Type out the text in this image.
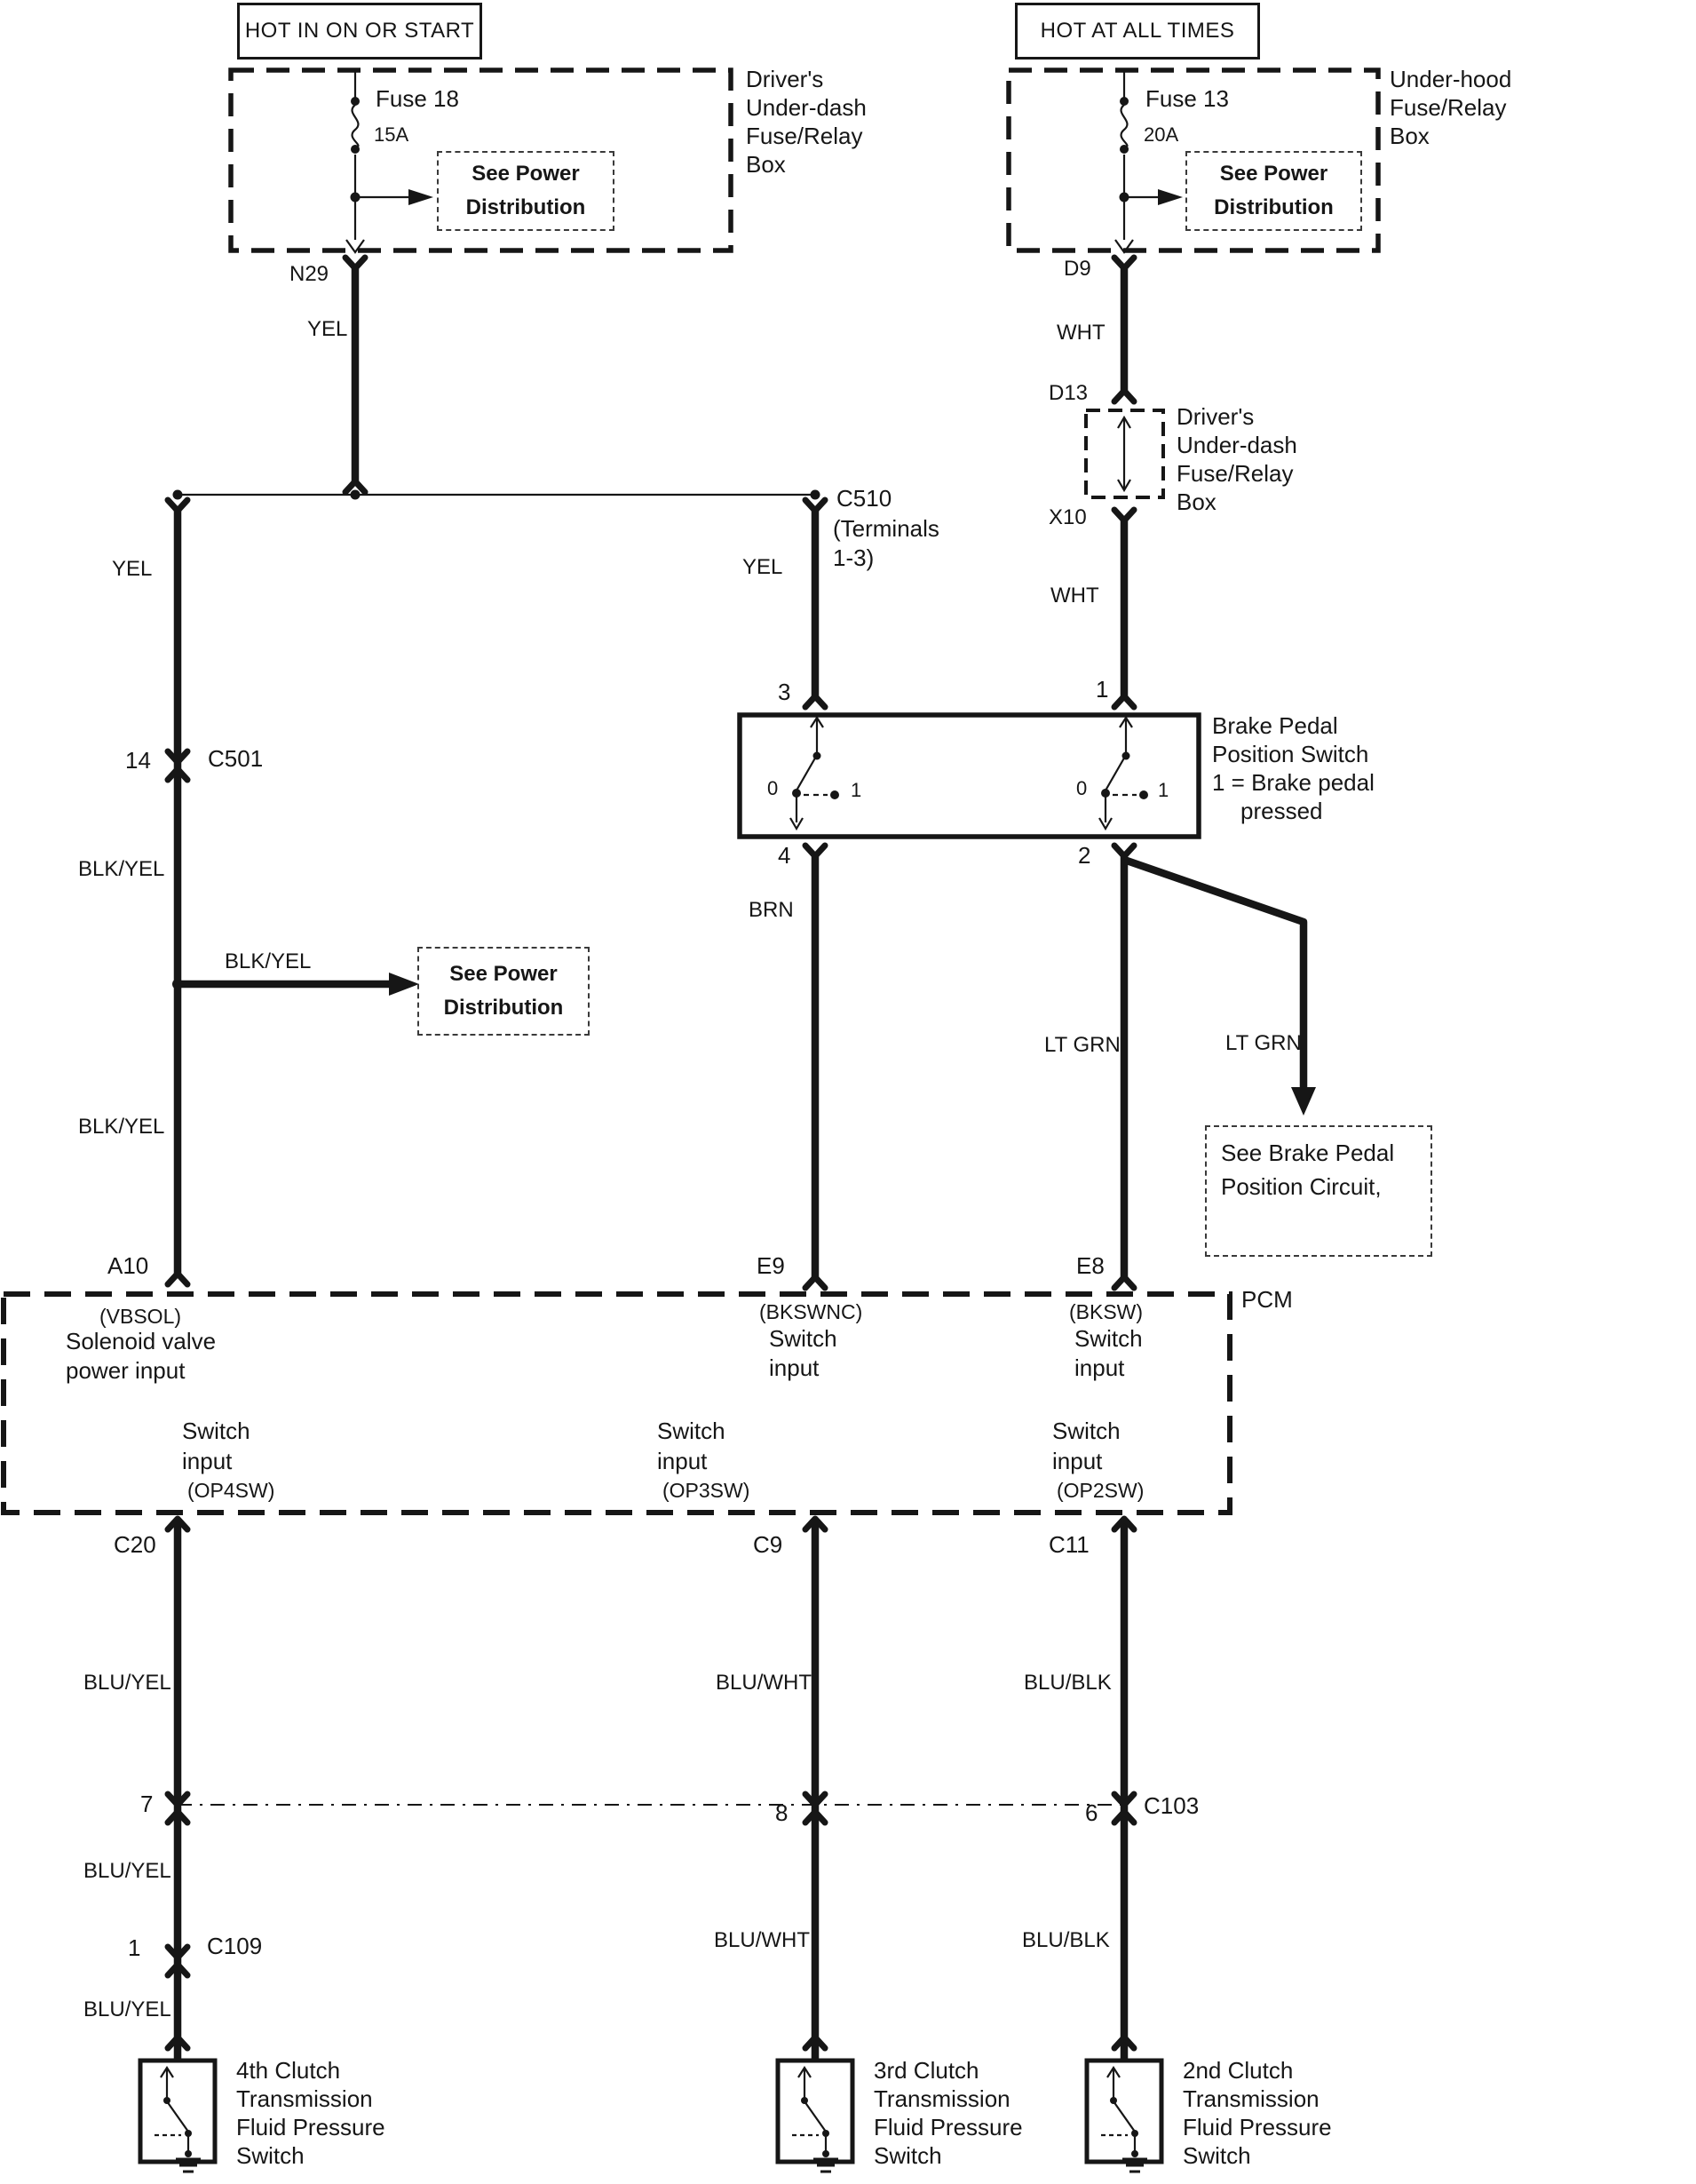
HOT IN ON OR START	HOT AT ALL TIMES
Fuse 18
15A
See Power
Distribution
Driver's
Under-dash
Fuse/Relay
Box
Fuse 13
20A
See Power
Distribution
Under-hood
Fuse/Relay
Box
N29
YEL
D9
WHT
D13
Driver's
Under-dash
Fuse/Relay
Box
X10
WHT
C510
(Terminals
1-3)
YEL
YEL
14 C501
BLK/YEL
BLK/YEL
See Power
Distribution
BLK/YEL
A10
3	1
4	2
0	1	0	1
Brake Pedal
Position Switch
1 = Brake pedal
pressed
BRN
LT GRN	LT GRN
See Brake Pedal
Position Circuit,
E9	E8
PCM
(VBSOL)
Solenoid valve
power input
(BKSWNC)
Switch
input
(BKSW)
Switch
input
Switch
input
(OP4SW)
Switch
input
(OP3SW)
Switch
input
(OP2SW)
C20	C9	C11
BLU/YEL	BLU/WHT	BLU/BLK
7	8	6 C103
BLU/YEL
1	C109
BLU/YEL
BLU/WHT	BLU/BLK
4th Clutch
Transmission
Fluid Pressure
Switch
3rd Clutch
Transmission
Fluid Pressure
Switch
2nd Clutch
Transmission
Fluid Pressure
Switch
